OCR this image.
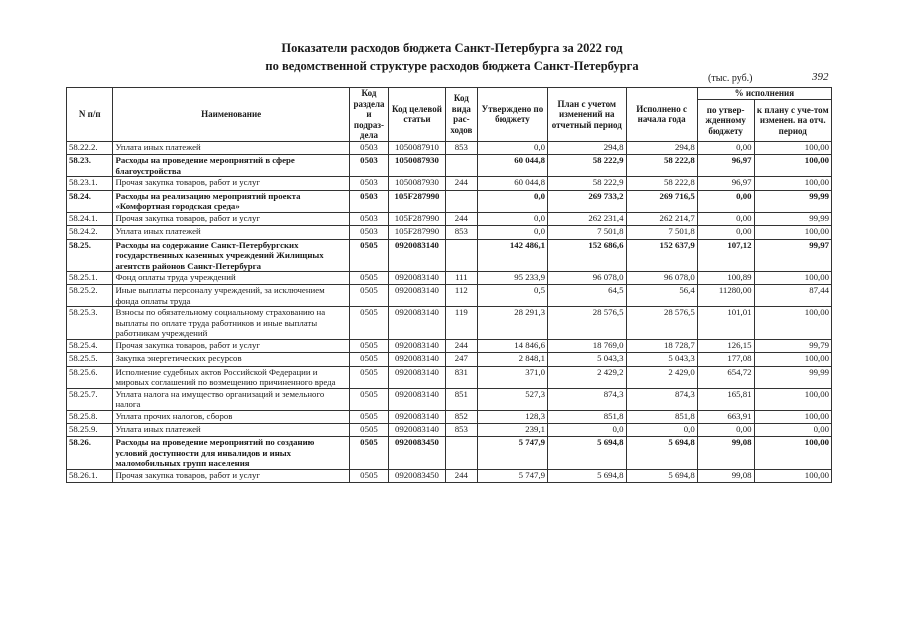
Показатели расходов бюджета Санкт-Петербурга за 2022 год
по ведомственной структуре расходов бюджета Санкт-Петербурга
(тыс. руб.)	392
N п/п	Наименование	Код раздела и подраз-дела	Код целевой статьи	Код вида рас-ходов	Утверждено по бюджету	План с учетом изменений на отчетный период	Исполнено с начала года	% исполнения	
								по утвер-жденному бюджету	к плану с уче-том изменен. на отч. период
58.22.2.	Уплата иных платежей	0503	1050087910	853	0,0	294,8	294,8	0,00	100,00
58.23.	Расходы на проведение мероприятий в сфере благоустройства	0503	1050087930		60 044,8	58 222,9	58 222,8	96,97	100,00
58.23.1.	Прочая закупка товаров, работ и услуг	0503	1050087930	244	60 044,8	58 222,9	58 222,8	96,97	100,00
58.24.	Расходы на реализацию мероприятий проекта «Комфортная городская среда»	0503	105F287990		0,0	269 733,2	269 716,5	0,00	99,99
58.24.1.	Прочая закупка товаров, работ и услуг	0503	105F287990	244	0,0	262 231,4	262 214,7	0,00	99,99
58.24.2.	Уплата иных платежей	0503	105F287990	853	0,0	7 501,8	7 501,8	0,00	100,00
58.25.	Расходы на содержание Санкт-Петербургских государственных казенных учреждений Жилищных агентств районов Санкт-Петербурга	0505	0920083140		142 486,1	152 686,6	152 637,9	107,12	99,97
58.25.1.	Фонд оплаты труда учреждений	0505	0920083140	111	95 233,9	96 078,0	96 078,0	100,89	100,00
58.25.2.	Иные выплаты персоналу учреждений, за исключением фонда оплаты труда	0505	0920083140	112	0,5	64,5	56,4	11280,00	87,44
58.25.3.	Взносы по обязательному социальному страхованию на выплаты по оплате труда работников и иные выплаты работникам учреждений	0505	0920083140	119	28 291,3	28 576,5	28 576,5	101,01	100,00
58.25.4.	Прочая закупка товаров, работ и услуг	0505	0920083140	244	14 846,6	18 769,0	18 728,7	126,15	99,79
58.25.5.	Закупка энергетических ресурсов	0505	0920083140	247	2 848,1	5 043,3	5 043,3	177,08	100,00
58.25.6.	Исполнение судебных актов Российской Федерации и мировых соглашений по возмещению причиненного вреда	0505	0920083140	831	371,0	2 429,2	2 429,0	654,72	99,99
58.25.7.	Уплата налога на имущество организаций и земельного налога	0505	0920083140	851	527,3	874,3	874,3	165,81	100,00
58.25.8.	Уплата прочих налогов, сборов	0505	0920083140	852	128,3	851,8	851,8	663,91	100,00
58.25.9.	Уплата иных платежей	0505	0920083140	853	239,1	0,0	0,0	0,00	0,00
58.26.	Расходы на проведение мероприятий по созданию условий доступности для инвалидов и иных маломобильных групп населения	0505	0920083450		5 747,9	5 694,8	5 694,8	99,08	100,00
58.26.1.	Прочая закупка товаров, работ и услуг	0505	0920083450	244	5 747,9	5 694,8	5 694,8	99,08	100,00
